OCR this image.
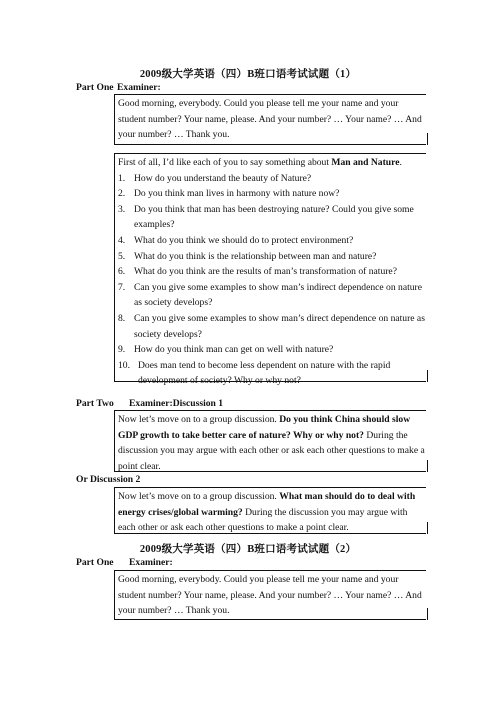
2009级大学英语（四）B班口语考试试题（1）
Part One Examiner:

Good morning, everybody. Could you please tell me your name and your student number? Your name, please. And your number? … Your name? … And your number? … Thank you.

First of all, I’d like each of you to say something about Man and Nature.

1. How do you understand the beauty of Nature?
2. Do you think man lives in harmony with nature now?
3. Do you think that man has been destroying nature? Could you give some examples?
4. What do you think we should do to protect environment?
5. What do you think is the relationship between man and nature?
6. What do you think are the results of man’s transformation of nature?
7. Can you give some examples to show man’s indirect dependence on nature as society develops?
8. Can you give some examples to show man’s direct dependence on nature as society develops?
9. How do you think man can get on well with nature?
10. Does man tend to become less dependent on nature with the rapid development of society? Why or why not?
Part Two Examiner:Discussion 1

Now let’s move on to a group discussion. Do you think China should slow GDP growth to take better care of nature? Why or why not? During the discussion you may argue with each other or ask each other questions to make a point clear.

Or Discussion 2

Now let’s move on to a group discussion. What man should do to deal with energy crises/global warming? During the discussion you may argue with each other or ask each other questions to make a point clear.

2009级大学英语（四）B班口语考试试题（2）
Part One Examiner:

Good morning, everybody. Could you please tell me your name and your student number? Your name, please. And your number? … Your name? … And your number? … Thank you.
